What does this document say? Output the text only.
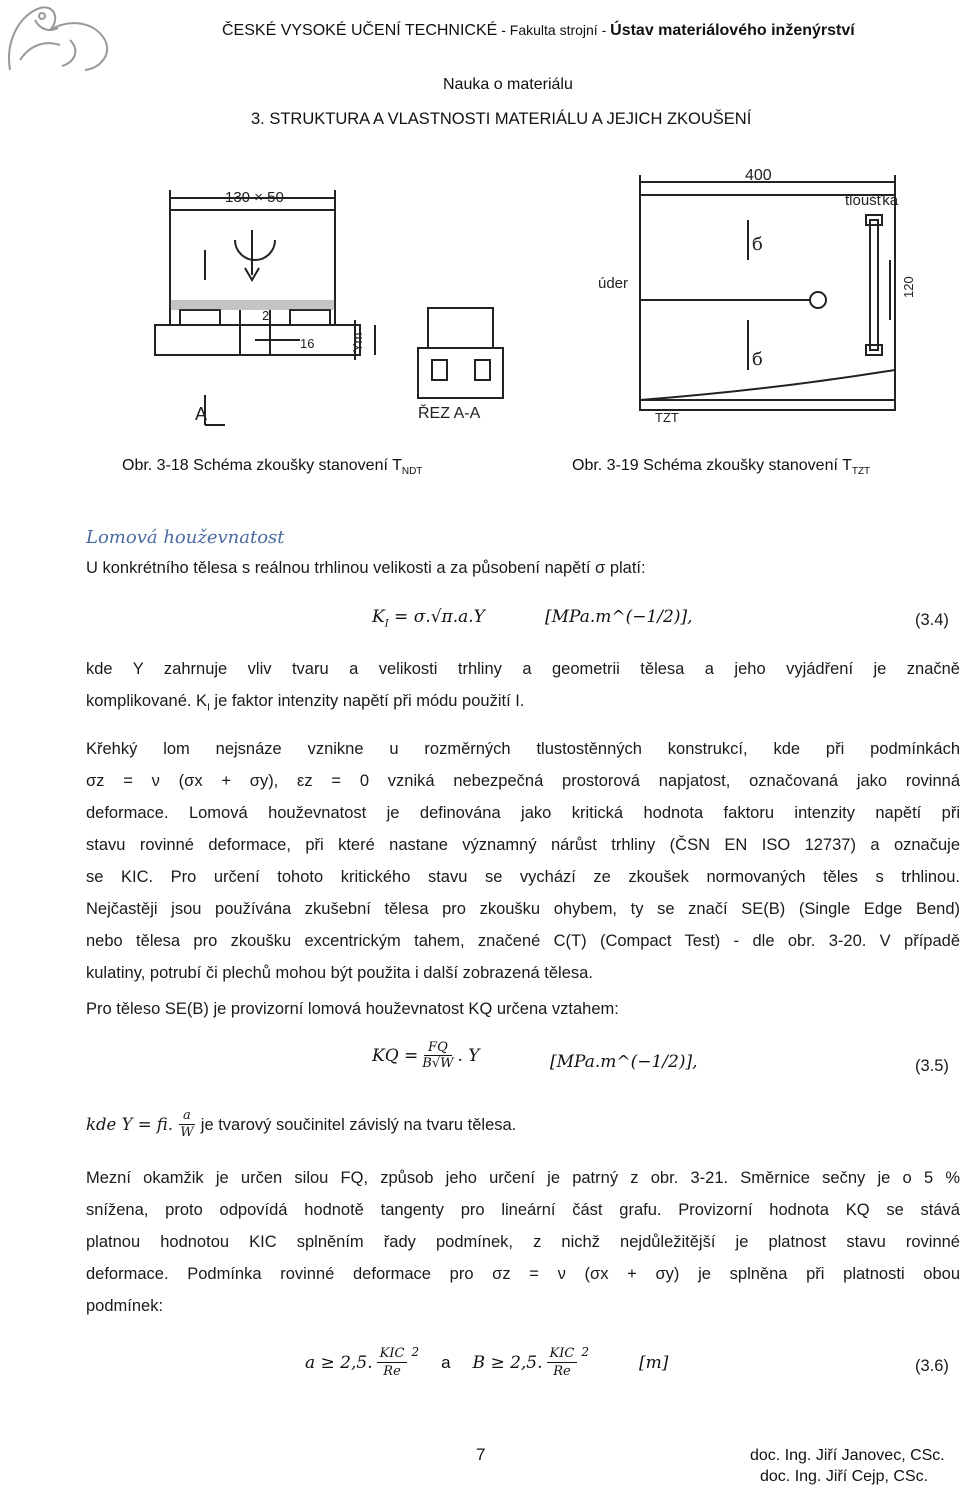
ČESKÉ VYSOKÉ UČENÍ TECHNICKÉ - Fakulta strojní - Ústav materiálového inženýrství
Nauka o materiálu
3. STRUKTURA A VLASTNOSTI MATERIÁLU A JEJICH ZKOUŠENÍ
130 × 50
2
16	Ym
A	ŘEZ A-A
400
tloušťka
úder
б
б
120
TZT
Obr. 3-18 Schéma zkoušky stanovení $T_{NDT}$	Obr. 3-19 Schéma zkoušky stanovení $T_{TZT}$
Lomová houževnatost
U konkrétního tělesa s reálnou trhlinou velikosti a za působení napětí σ platí:
$K_I = \sigma.√\pi.a.Y$	[MPa.m^(−1/2)],	(3.4)
kde Y zahrnuje vliv tvaru a velikosti trhliny a geometrii tělesa a jeho vyjádření je značně
komplikované. $K_I$ je faktor intenzity napětí při módu použití I.
Křehký lom nejsnáze vznikne u rozměrných tlustostěnných konstrukcí, kde při podmínkách
σz = ν (σx + σy), εz = 0 vzniká nebezpečná prostorová napjatost, označovaná jako rovinná
deformace. Lomová houževnatost je definována jako kritická hodnota faktoru intenzity napětí při
stavu rovinné deformace, při které nastane významný nárůst trhliny (ČSN EN ISO 12737) a označuje
se KIC. Pro určení tohoto kritického stavu se vychází ze zkoušek normovaných těles s trhlinou.
Nejčastěji jsou používána zkušební tělesa pro zkoušku ohybem, ty se značí SE(B) (Single Edge Bend)
nebo tělesa pro zkoušku excentrickým tahem, značené C(T) (Compact Test) - dle obr. 3-20. V případě
kulatiny, potrubí či plechů mohou být použita i další zobrazená tělesa.
Pro těleso SE(B) je provizorní lomová houževnatost KQ určena vztahem:
KQ = $\frac{FQ}{B√W}$ . Y	[MPa.m^(−1/2)],	(3.5)
kde Y = fi. $\frac{a}{W}$ je tvarový součinitel závislý na tvaru tělesa.
Mezní okamžik je určen silou FQ, způsob jeho určení je patrný z obr. 3-21. Směrnice sečny je o 5 %
snížena, proto odpovídá hodnotě tangenty pro lineární část grafu. Provizorní hodnota KQ se stává
platnou hodnotou KIC splněním řady podmínek, z nichž nejdůležitější je platnost stavu rovinné
deformace. Podmínka rovinné deformace pro σz = ν (σx + σy) je splněna při platnosti obou
podmínek:
a ≥ 2,5. KIC
Re
$^2$
a B ≥ 2,5. KIC
Re
$^2$
[m]	(3.6)
7	doc. Ing. Jiří Janovec, CSc.
doc. Ing. Jiří Cejp, CSc.
